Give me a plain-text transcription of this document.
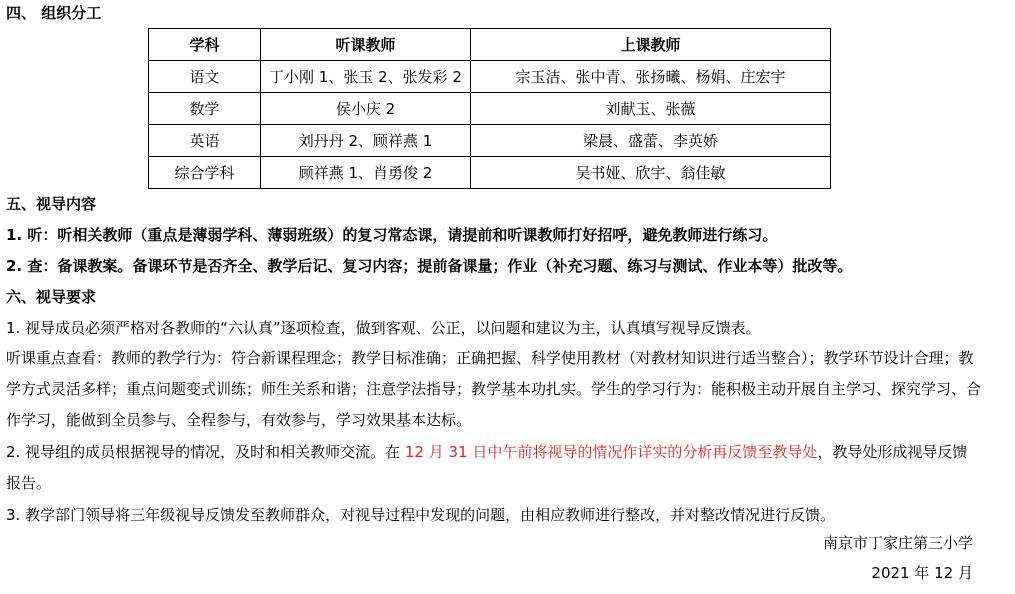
四、 组织分工
学科	听课教师	上课教师
语文	丁小刚 1、张玉 2、张发彩 2	宗玉洁、张中青、张扬曦、杨娟、庄宏宇
数学	侯小庆 2	刘献玉、张薇
英语	刘丹丹 2、顾祥燕 1	梁晨、盛蕾、李英娇
综合学科	顾祥燕 1、肖勇俊 2	吴书娅、欣宇、翁佳敏
五、视导内容
1. 听：听相关教师（重点是薄弱学科、薄弱班级）的复习常态课，请提前和听课教师打好招呼，避免教师进行练习。
2. 查：备课教案。备课环节是否齐全、教学后记、复习内容；提前备课量；作业（补充习题、练习与测试、作业本等）批改等。
六、视导要求
1. 视导成员必须严格对各教师的“六认真”逐项检查，做到客观、公正，以问题和建议为主，认真填写视导反馈表。
听课重点查看：教师的教学行为：符合新课程理念；教学目标准确；正确把握、科学使用教材（对教材知识进行适当整合）；教学环节设计合理；教学方式灵活多样；重点问题变式训练；师生关系和谐；注意学法指导；教学基本功扎实。学生的学习行为：能积极主动开展自主学习、探究学习、合作学习，能做到全员参与、全程参与，有效参与，学习效果基本达标。
2. 视导组的成员根据视导的情况，及时和相关教师交流。在 12 月 31 日中午前将视导的情况作详实的分析再反馈至教导处，教导处形成视导反馈报告。
3. 教学部门领导将三年级视导反馈发至教师群众，对视导过程中发现的问题，由相应教师进行整改，并对整改情况进行反馈。
南京市丁家庄第三小学
2021 年 12 月
